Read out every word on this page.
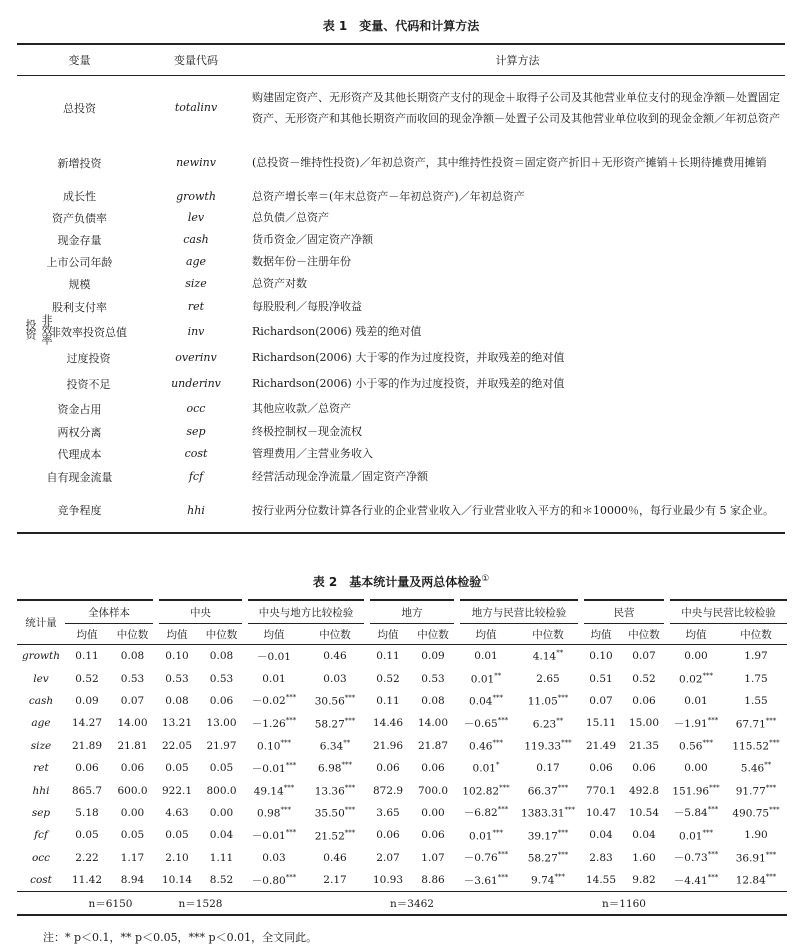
表 1　变量、代码和计算方法
变量	变量代码	计算方法
总投资	totalinv	购建固定资产、无形资产及其他长期资产支付的现金＋取得子公司及其他营业单位支付的现金净额－处置固定资产、无形资产和其他长期资产而收回的现金净额－处置子公司及其他营业单位收到的现金金额／年初总资产
新增投资	newinv	(总投资－维持性投资)／年初总资产，其中维持性投资＝固定资产折旧＋无形资产摊销＋长期待摊费用摊销
成长性	growth	总资产增长率＝(年末总资产－年初总资产)／年初总资产
资产负债率	lev	总负债／总资产
现金存量	cash	货币资金／固定资产净额
上市公司年龄	age	数据年份－注册年份
规模	size	总资产对数
股利支付率	ret	每股股利／每股净收益

非效率投资 非效率投资总值	inv	Richardson(2006) 残差的绝对值
过度投资	overinv	Richardson(2006) 大于零的作为过度投资，并取残差的绝对值
投资不足	underinv	Richardson(2006) 小于零的作为过度投资，并取残差的绝对值
资金占用	occ	其他应收款／总资产
两权分离	sep	终极控制权－现金流权
代理成本	cost	管理费用／主营业务收入
自有现金流量	fcf	经营活动现金净流量／固定资产净额
竞争程度	hhi	按行业两分位数计算各行业的企业营业收入／行业营业收入平方的和＊10000％，每行业最少有 5 家企业。
表 2　基本统计量及两总体检验①
统计量	全体样本		中央		中央与地方比较检验		地方		地方与民营比较检验		民营		中央与民营比较检验	
	均值	中位数	均值	中位数	均值	中位数	均值	中位数	均值	中位数	均值	中位数	均值	中位数
growth	0.11	0.08	0.10	0.08	－0.01	0.46	0.11	0.09	0.01	4.14**	0.10	0.07	0.00	1.97
lev	0.52	0.53	0.53	0.53	0.01	0.03	0.52	0.53	0.01**	2.65	0.51	0.52	0.02***	1.75
cash	0.09	0.07	0.08	0.06	－0.02***	30.56***	0.11	0.08	0.04***	11.05***	0.07	0.06	0.01	1.55
age	14.27	14.00	13.21	13.00	－1.26***	58.27***	14.46	14.00	－0.65***	6.23**	15.11	15.00	－1.91***	67.71***
size	21.89	21.81	22.05	21.97	0.10***	6.34**	21.96	21.87	0.46***	119.33***	21.49	21.35	0.56***	115.52***
ret	0.06	0.06	0.05	0.05	－0.01***	6.98***	0.06	0.06	0.01*	0.17	0.06	0.06	0.00	5.46**
hhi	865.7	600.0	922.1	800.0	49.14***	13.36***	872.9	700.0	102.82***	66.37***	770.1	492.8	151.96***	91.77***
sep	5.18	0.00	4.63	0.00	0.98***	35.50***	3.65	0.00	－6.82***	1383.31***	10.47	10.54	－5.84***	490.75***
fcf	0.05	0.05	0.05	0.04	－0.01***	21.52***	0.06	0.06	0.01***	39.17***	0.04	0.04	0.01***	1.90
occ	2.22	1.17	2.10	1.11	0.03	0.46	2.07	1.07	－0.76***	58.27***	2.83	1.60	－0.73***	36.91***
cost	11.42	8.94	10.14	8.52	－0.80***	2.17	10.93	8.86	－3.61***	9.74***	14.55	9.82	－4.41***	12.84***
	n＝6150		n＝1528				n＝3462				n＝1160			
注：* p＜0.1，** p＜0.05，*** p＜0.01，全文同此。
